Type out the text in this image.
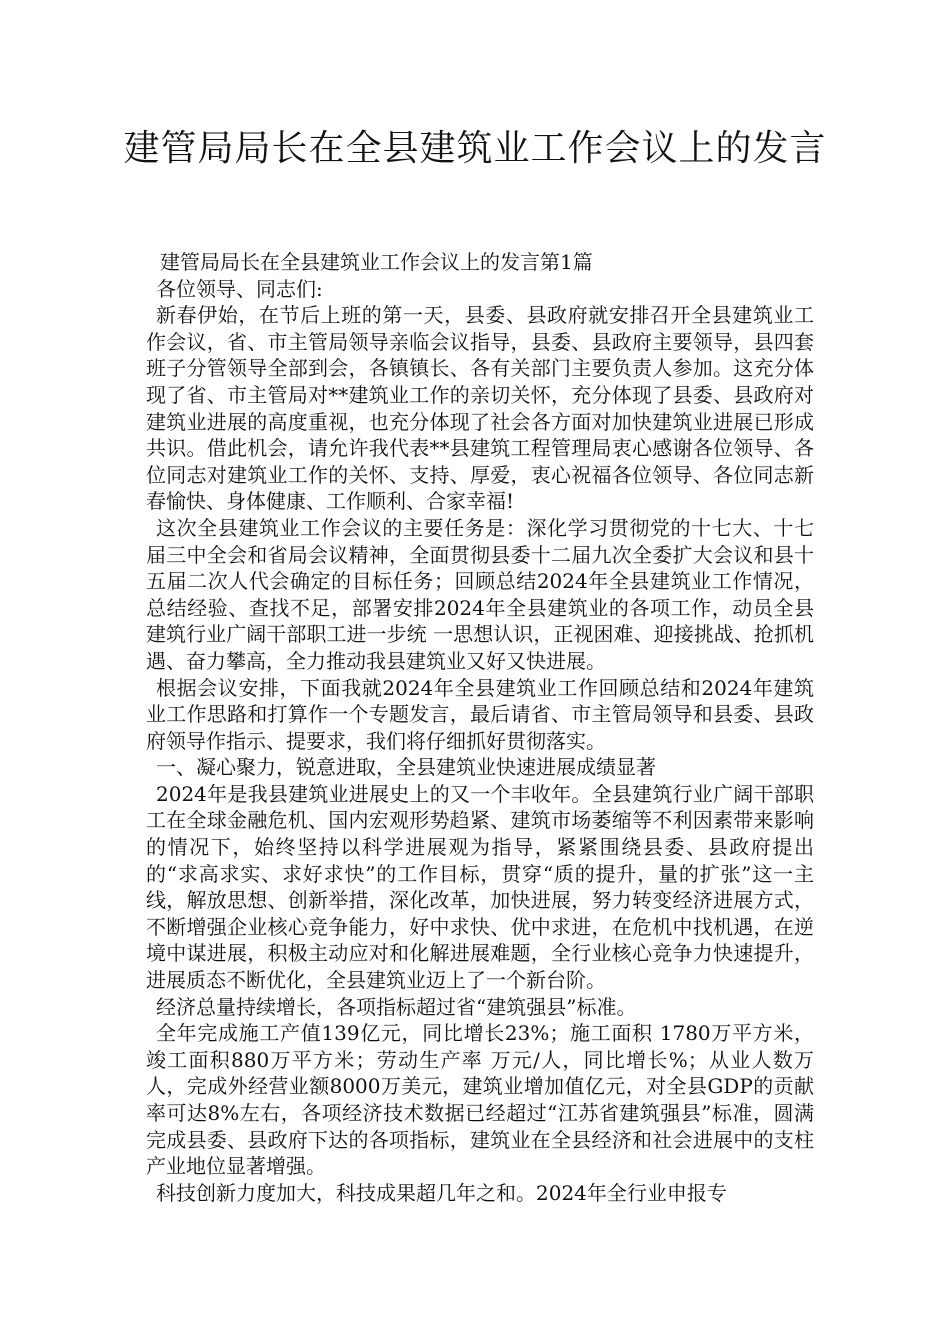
建管局局长在全县建筑业工作会议上的发言

建管局局长在全县建筑业工作会议上的发言第1篇

各位领导、同志们:

新春伊始，在节后上班的第一天，县委、县政府就安排召开全县建筑业工作会议，省、市主管局领导亲临会议指导，县委、县政府主要领导，县四套班子分管领导全部到会，各镇镇长、各有关部门主要负责人参加。这充分体现了省、市主管局对**建筑业工作的亲切关怀，充分体现了县委、县政府对建筑业进展的高度重视，也充分体现了社会各方面对加快建筑业进展已形成共识。借此机会，请允许我代表**县建筑工程管理局衷心感谢各位领导、各位同志对建筑业工作的关怀、支持、厚爱，衷心祝福各位领导、各位同志新春愉快、身体健康、工作顺利、合家幸福!

这次全县建筑业工作会议的主要任务是：深化学习贯彻党的十七大、十七届三中全会和省局会议精神，全面贯彻县委十二届九次全委扩大会议和县十五届二次人代会确定的目标任务；回顾总结2024年全县建筑业工作情况，总结经验、查找不足，部署安排2024年全县建筑业的各项工作，动员全县建筑行业广阔干部职工进一步统 一思想认识，正视困难、迎接挑战、抢抓机遇、奋力攀高，全力推动我县建筑业又好又快进展。

根据会议安排，下面我就2024年全县建筑业工作回顾总结和2024年建筑业工作思路和打算作一个专题发言，最后请省、市主管局领导和县委、县政府领导作指示、提要求，我们将仔细抓好贯彻落实。

一、凝心聚力，锐意进取，全县建筑业快速进展成绩显著

2024年是我县建筑业进展史上的又一个丰收年。全县建筑行业广阔干部职工在全球金融危机、国内宏观形势趋紧、建筑市场萎缩等不利因素带来影响的情况下，始终坚持以科学进展观为指导，紧紧围绕县委、县政府提出的“求高求实、求好求快”的工作目标，贯穿“质的提升，量的扩张”这一主线，解放思想、创新举措，深化改革，加快进展，努力转变经济进展方式，不断增强企业核心竞争能力，好中求快、优中求进，在危机中找机遇，在逆境中谋进展，积极主动应对和化解进展难题，全行业核心竞争力快速提升，进展质态不断优化，全县建筑业迈上了一个新台阶。

经济总量持续增长，各项指标超过省“建筑强县”标准。

全年完成施工产值139亿元，同比增长23%；施工面积 1780万平方米，竣工面积880万平方米；劳动生产率 万元/人，同比增长%；从业人数万人，完成外经营业额8000万美元，建筑业增加值亿元，对全县GDP的贡献率可达8%左右，各项经济技术数据已经超过“江苏省建筑强县”标准，圆满完成县委、县政府下达的各项指标，建筑业在全县经济和社会进展中的支柱产业地位显著增强。

科技创新力度加大，科技成果超几年之和。2024年全行业申报专
